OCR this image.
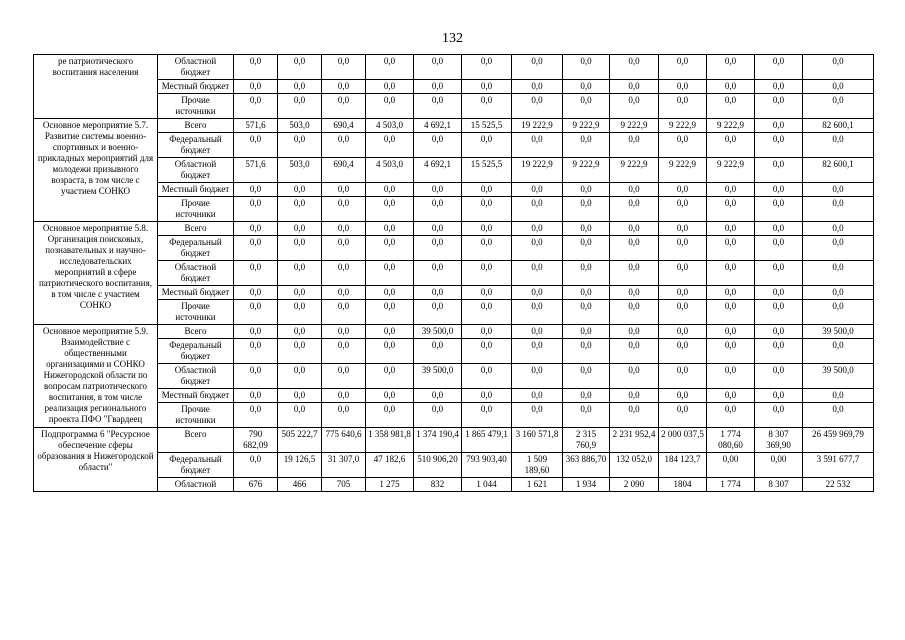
132
ре патриотического воспитания населения	Областной бюджет	0,0	0,0	0,0	0,0	0,0	0,0	0,0	0,0	0,0	0,0	0,0	0,0	0,0
	Местный бюджет	0,0	0,0	0,0	0,0	0,0	0,0	0,0	0,0	0,0	0,0	0,0	0,0	0,0
	Прочие источники	0,0	0,0	0,0	0,0	0,0	0,0	0,0	0,0	0,0	0,0	0,0	0,0	0,0
Основное мероприятие 5.7. Развитие системы военно-спортивных и военно-прикладных мероприятий для молодежи призывного возраста, в том числе с участием СОНКО	Всего	571,6	503,0	690,4	4 503,0	4 692,1	15 525,5	19 222,9	9 222,9	9 222,9	9 222,9	9 222,9	0,0	82 600,1
	Федеральный бюджет	0,0	0,0	0,0	0,0	0,0	0,0	0,0	0,0	0,0	0,0	0,0	0,0	0,0
	Областной бюджет	571,6	503,0	690,4	4 503,0	4 692,1	15 525,5	19 222,9	9 222,9	9 222,9	9 222,9	9 222,9	0,0	82 600,1
	Местный бюджет	0,0	0,0	0,0	0,0	0,0	0,0	0,0	0,0	0,0	0,0	0,0	0,0	0,0
	Прочие источники	0,0	0,0	0,0	0,0	0,0	0,0	0,0	0,0	0,0	0,0	0,0	0,0	0,0
Основное мероприятие 5.8. Организация поисковых, познавательных и научно-исследовательских мероприятий в сфере патриотического воспитания, в том числе с участием СОНКО	Всего	0,0	0,0	0,0	0,0	0,0	0,0	0,0	0,0	0,0	0,0	0,0	0,0	0,0
	Федеральный бюджет	0,0	0,0	0,0	0,0	0,0	0,0	0,0	0,0	0,0	0,0	0,0	0,0	0,0
	Областной бюджет	0,0	0,0	0,0	0,0	0,0	0,0	0,0	0,0	0,0	0,0	0,0	0,0	0,0
	Местный бюджет	0,0	0,0	0,0	0,0	0,0	0,0	0,0	0,0	0,0	0,0	0,0	0,0	0,0
	Прочие источники	0,0	0,0	0,0	0,0	0,0	0,0	0,0	0,0	0,0	0,0	0,0	0,0	0,0
Основное мероприятие 5.9. Взаимодействие с общественными организациями и СОНКО Нижегородской области по вопросам патриотического воспитания, в том числе реализация регионального проекта ПФО "Гвардеец	Всего	0,0	0,0	0,0	0,0	39 500,0	0,0	0,0	0,0	0,0	0,0	0,0	0,0	39 500,0
	Федеральный бюджет	0,0	0,0	0,0	0,0	0,0	0,0	0,0	0,0	0,0	0,0	0,0	0,0	0,0
	Областной бюджет	0,0	0,0	0,0	0,0	39 500,0	0,0	0,0	0,0	0,0	0,0	0,0	0,0	39 500,0
	Местный бюджет	0,0	0,0	0,0	0,0	0,0	0,0	0,0	0,0	0,0	0,0	0,0	0,0	0,0
	Прочие источники	0,0	0,0	0,0	0,0	0,0	0,0	0,0	0,0	0,0	0,0	0,0	0,0	0,0
Подпрограмма 6 "Ресурсное обеспечение сферы образования в Нижегородской области"	Всего	790 682,09	505 222,7	775 640,6	1 358 981,8	1 374 190,4	1 865 479,1	3 160 571,8	2 315 760,9	2 231 952,4	2 000 037,5	1 774 080,60	8 307 369,90	26 459 969,79
	Федеральный бюджет	0,0	19 126,5	31 307,0	47 182,6	510 906,20	793 903,40	1 509 189,60	363 886,70	132 052,0	184 123,7	0,00	0,00	3 591 677,7
	Областной	676	466	705	1 275	832	1 044	1 621	1 934	2 090	1804	1 774	8 307	22 532
